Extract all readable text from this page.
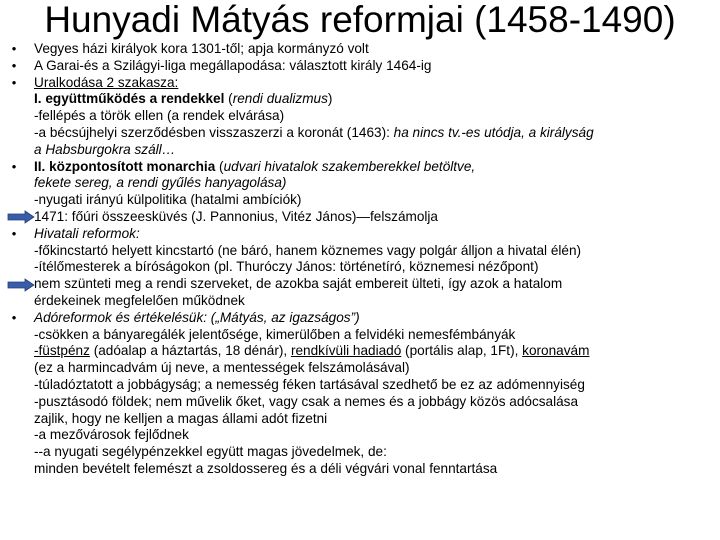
Hunyadi Mátyás reformjai (1458-1490)
• Vegyes házi királyok kora 1301-től; apja kormányzó volt
• A Garai-és a Szilágyi-liga megállapodása: választott király 1464-ig
• Uralkodása 2 szakasza:
I. együttműködés a rendekkel (rendi dualizmus)
-fellépés a török ellen (a rendek elvárása)
-a bécsújhelyi szerződésben visszaszerzi a koronát (1463): ha nincs tv.-es utódja, a királyság
a Habsburgokra száll…
• II. központosított monarchia (udvari hivatalok szakemberekkel betöltve,
fekete sereg, a rendi gyűlés hanyagolása)
-nyugati irányú külpolitika (hatalmi ambíciók)
1471: főúri összeesküvés (J. Pannonius, Vitéz János)—felszámolja
• Hivatali reformok:
-főkincstartó helyett kincstartó (ne báró, hanem köznemes vagy polgár álljon a hivatal élén)
-ítélőmesterek a bíróságokon (pl. Thuróczy János: történetíró, köznemesi nézőpont)
nem szünteti meg a rendi szerveket, de azokba saját embereit ülteti, így azok a hatalom
érdekeinek megfelelően működnek
• Adóreformok és értékelésük: („Mátyás, az igazságos”)
-csökken a bányaregálék jelentősége, kimerülőben a felvidéki nemesfémbányák
-füstpénz (adóalap a háztartás, 18 dénár), rendkívüli hadiadó (portális alap, 1Ft), koronavám
(ez a harmincadvám új neve, a mentességek felszámolásával)
-túladóztatott a jobbágyság; a nemesség féken tartásával szedhető be ez az adómennyiség
-pusztásodó földek; nem művelik őket, vagy csak a nemes és a jobbágy közös adócsalása
zajlik, hogy ne kelljen a magas állami adót fizetni
-a mezővárosok fejlődnek
--a nyugati segélypénzekkel együtt magas jövedelmek, de:
minden bevételt felemészt a zsoldossereg és a déli végvári vonal fenntartása
